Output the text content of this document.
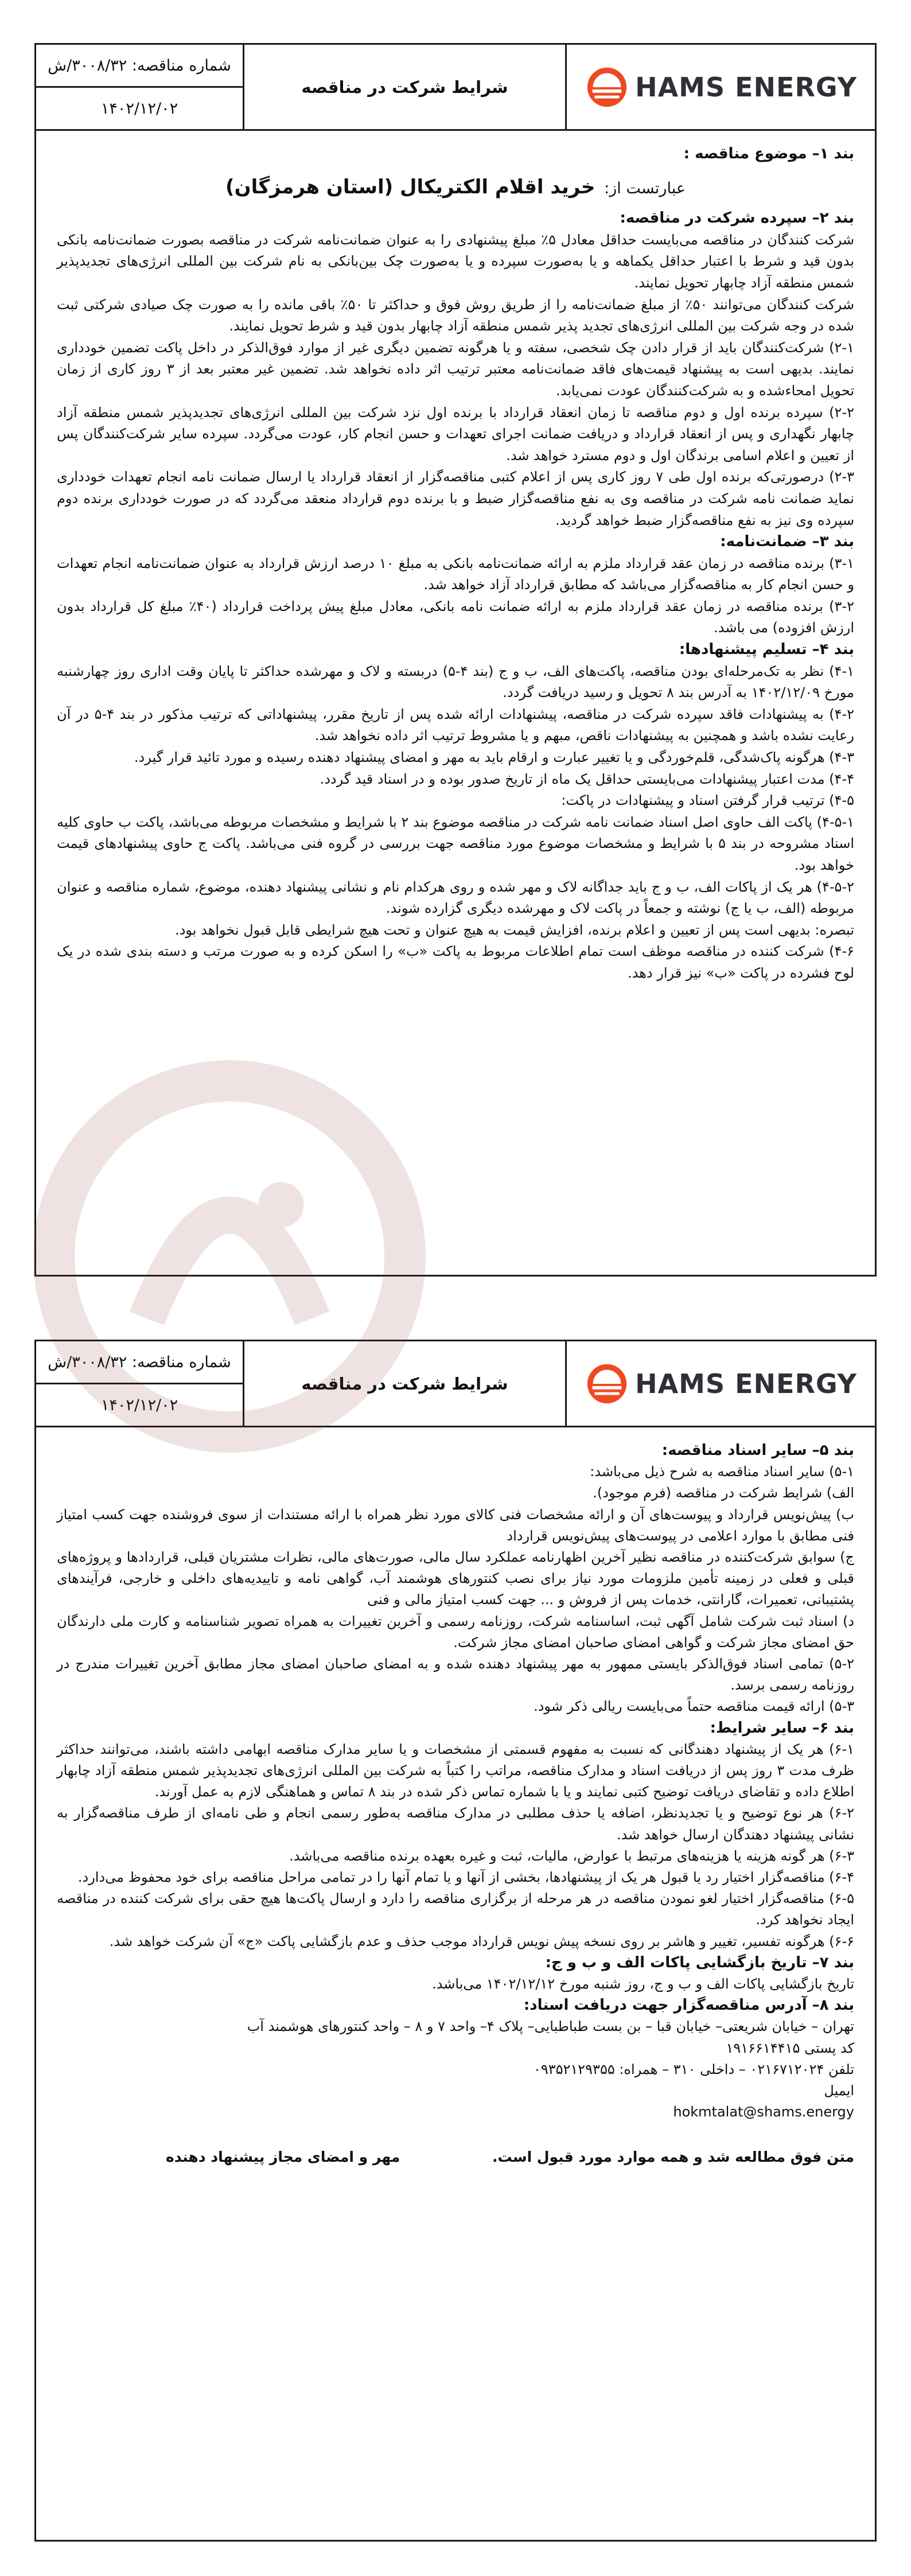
HAMS ENERGY
شرایط شرکت در مناقصه
شماره مناقصه: ۳۰۰۸/۳۲/ش
۱۴۰۲/۱۲/۰۲

بند ۱– موضوع مناقصه :

عبارتست از: خرید اقلام الکتریکال (استان هرمزگان)

بند ۲– سپرده شرکت در مناقصه:

شرکت کنندگان در مناقصه می‌بایست حداقل معادل ۵٪ مبلغ پیشنهادی را به عنوان ضمانت‌نامه شرکت در مناقصه بصورت ضمانت‌نامه بانکی بدون قید و شرط با اعتبار حداقل یکماهه و یا به‌صورت سپرده و یا به‌صورت چک بین‌بانکی به نام شرکت بین المللی انرژی‌های تجدیدپذیر شمس منطقه آزاد چابهار تحویل نمایند.

شرکت کنندگان می‌توانند ۵۰٪ از مبلغ ضمانت‌نامه را از طریق روش فوق و حداکثر تا ۵۰٪ باقی مانده را به صورت چک صیادی شرکتی ثبت شده در وجه شرکت بین المللی انرژی‌های تجدید پذیر شمس منطقه آزاد چابهار بدون قید و شرط تحویل نمایند.

۲-۱) شرکت‌کنندگان باید از قرار دادن چک شخصی، سفته و یا هرگونه تضمین دیگری غیر از موارد فوق‌الذکر در داخل پاکت تضمین خودداری نمایند. بدیهی است به پیشنهاد قیمت‌های فاقد ضمانت‌نامه معتبر ترتیب اثر داده نخواهد شد. تضمین غیر معتبر بعد از ۳ روز کاری از زمان تحویل امحاءشده و به شرکت‌کنندگان عودت نمی‌یابد.

۲-۲) سپرده برنده اول و دوم مناقصه تا زمان انعقاد قرارداد با برنده اول نزد شرکت بین المللی انرژی‌های تجدیدپذیر شمس منطقه آزاد چابهار نگهداری و پس از انعقاد قرارداد و دریافت ضمانت اجرای تعهدات و حسن انجام کار، عودت می‌گردد. سپرده سایر شرکت‌کنندگان پس از تعیین و اعلام اسامی برندگان اول و دوم مسترد خواهد شد.

۲-۳) درصورتی‌که برنده اول طی ۷ روز کاری پس از اعلام کتبی مناقصه‌گزار از انعقاد قرارداد یا ارسال ضمانت نامه انجام تعهدات خودداری نماید ضمانت نامه شرکت در مناقصه وی به نفع مناقصه‌گزار ضبط و با برنده دوم قرارداد منعقد می‌گردد که در صورت خودداری برنده دوم سپرده وی نیز به نفع مناقصه‌گزار ضبط خواهد گردید.

بند ۳– ضمانت‌نامه:

۳-۱) برنده مناقصه در زمان عقد قرارداد ملزم به ارائه ضمانت‌نامه بانکی به مبلغ ۱۰ درصد ارزش قرارداد به عنوان ضمانت‌نامه انجام تعهدات و حسن انجام کار به مناقصه‌گزار می‌باشد که مطابق قرارداد آزاد خواهد شد.

۳-۲) برنده مناقصه در زمان عقد قرارداد ملزم به ارائه ضمانت نامه بانکی، معادل مبلغ پیش پرداخت قرارداد (۴۰٪ مبلغ کل قرارداد بدون ارزش افزوده) می باشد.

بند ۴– تسلیم پیشنهادها:

۴-۱) نظر به تک‌مرحله‌ای بودن مناقصه، پاکت‌های الف، ب و ج (بند ۴-۵) دربسته و لاک و مهرشده حداکثر تا پایان وقت اداری روز چهارشنبه مورخ ۱۴۰۲/۱۲/۰۹ به آدرس بند ۸ تحویل و رسید دریافت گردد.

۴-۲) به پیشنهادات فاقد سپرده شرکت در مناقصه، پیشنهادات ارائه شده پس از تاریخ مقرر، پیشنهاداتی که ترتیب مذکور در بند ۴-۵ در آن رعایت نشده باشد و همچنین به پیشنهادات ناقص، مبهم و یا مشروط ترتیب اثر داده نخواهد شد.

۴-۳) هرگونه پاک‌شدگی، قلم‌خوردگی و یا تغییر عبارت و ارقام باید به مهر و امضای پیشنهاد دهنده رسیده و مورد تائید قرار گیرد.

۴-۴) مدت اعتبار پیشنهادات می‌بایستی حداقل یک ماه از تاریخ صدور بوده و در اسناد قید گردد.

۴-۵) ترتیب قرار گرفتن اسناد و پیشنهادات در پاکت:

۴-۵-۱) پاکت الف حاوی اصل اسناد ضمانت نامه شرکت در مناقصه موضوع بند ۲ با شرایط و مشخصات مربوطه می‌باشد، پاکت ب حاوی کلیه اسناد مشروحه در بند ۵ با شرایط و مشخصات موضوع مورد مناقصه جهت بررسی در گروه فنی می‌باشد. پاکت ج حاوی پیشنهادهای قیمت خواهد بود.

۴-۵-۲) هر یک از پاکات الف، ب و ج باید جداگانه لاک و مهر شده و روی هرکدام نام و نشانی پیشنهاد دهنده، موضوع، شماره مناقصه و عنوان مربوطه (الف، ب یا ج) نوشته و جمعاً در پاکت لاک و مهرشده دیگری گزارده شوند.

تبصره: بدیهی است پس از تعیین و اعلام برنده، افزایش قیمت به هیچ عنوان و تحت هیچ شرایطی قابل قبول نخواهد بود.

۴-۶) شرکت کننده در مناقصه موظف است تمام اطلاعات مربوط به پاکت «ب» را اسکن کرده و به صورت مرتب و دسته بندی شده در یک لوح فشرده در پاکت «ب» نیز قرار دهد.

HAMS ENERGY
شرایط شرکت در مناقصه
شماره مناقصه: ۳۰۰۸/۳۲/ش
۱۴۰۲/۱۲/۰۲

بند ۵– سایر اسناد مناقصه:

۵-۱) سایر اسناد مناقصه به شرح ذیل می‌باشد:

الف) شرایط شرکت در مناقصه (فرم موجود).

ب) پیش‌نویس قرارداد و پیوست‌های آن و ارائه مشخصات فنی کالای مورد نظر همراه با ارائه مستندات از سوی فروشنده جهت کسب امتیاز فنی مطابق با موارد اعلامی در پیوست‌های پیش‌نویس قرارداد

ج) سوابق شرکت‌کننده در مناقصه نظیر آخرین اظهارنامه عملکرد سال مالی، صورت‌های مالی، نظرات مشتریان قبلی، قراردادها و پروژه‌های قبلی و فعلی در زمینه تأمین ملزومات مورد نیاز برای نصب کنتورهای هوشمند آب، گواهی نامه و تاییدیه‌های داخلی و خارجی، فرآیندهای پشتیبانی، تعمیرات، گارانتی، خدمات پس از فروش و ... جهت کسب امتیاز مالی و فنی

د) اسناد ثبت شرکت شامل آگهی ثبت، اساسنامه شرکت، روزنامه رسمی و آخرین تغییرات به همراه تصویر شناسنامه و کارت ملی دارندگان حق امضای مجاز شرکت و گواهی امضای صاحبان امضای مجاز شرکت.

۵-۲) تمامی اسناد فوق‌الذکر بایستی ممهور به مهر پیشنهاد دهنده شده و به امضای صاحبان امضای مجاز مطابق آخرین تغییرات مندرج در روزنامه رسمی برسد.

۵-۳) ارائه قیمت مناقصه حتماً می‌بایست ریالی ذکر شود.

بند ۶– سایر شرایط:

۶-۱) هر یک از پیشنهاد دهندگانی که نسبت به مفهوم قسمتی از مشخصات و یا سایر مدارک مناقصه ابهامی داشته باشند، می‌توانند حداکثر ظرف مدت ۳ روز پس از دریافت اسناد و مدارک مناقصه، مراتب را کتباً به شرکت بین المللی انرژی‌های تجدیدپذیر شمس منطقه آزاد چابهار اطلاع داده و تقاضای دریافت توضیح کتبی نمایند و یا با شماره تماس ذکر شده در بند ۸ تماس و هماهنگی لازم به عمل آورند.

۶-۲) هر نوع توضیح و یا تجدیدنظر، اضافه یا حذف مطلبی در مدارک مناقصه به‌طور رسمی انجام و طی نامه‌ای از طرف مناقصه‌گزار به نشانی پیشنهاد دهندگان ارسال خواهد شد.

۶-۳) هر گونه هزینه یا هزینه‌های مرتبط با عوارض، مالیات، ثبت و غیره بعهده برنده مناقصه می‌باشد.

۶-۴) مناقصه‌گزار اختیار رد یا قبول هر یک از پیشنهادها، بخشی از آنها و یا تمام آنها را در تمامی مراحل مناقصه برای خود محفوظ می‌دارد.

۶-۵) مناقصه‌گزار اختیار لغو نمودن مناقصه در هر مرحله از برگزاری مناقصه را دارد و ارسال پاکت‌ها هیچ حقی برای شرکت کننده در مناقصه ایجاد نخواهد کرد.

۶-۶) هرگونه تفسیر، تغییر و هاشر بر روی نسخه پیش نویس قرارداد موجب حذف و عدم بازگشایی پاکت «ج» آن شرکت خواهد شد.

بند ۷– تاریخ بازگشایی پاکات الف و ب و ج:

تاریخ بازگشایی پاکات الف و ب و ج، روز شنبه مورخ ۱۴۰۲/۱۲/۱۲ می‌باشد.

بند ۸– آدرس مناقصه‌گزار جهت دریافت اسناد:

تهران – خیابان شریعتی– خیابان قبا – بن بست طباطبایی– پلاک ۴– واحد ۷ و ۸ – واحد کنتورهای هوشمند آب

کد پستی ۱۹۱۶۶۱۴۴۱۵

تلفن ۰۲۱۶۷۱۲۰۲۴ – داخلی ۳۱۰ – همراه: ۰۹۳۵۲۱۲۹۳۵۵

ایمیل

hokmtalat@shams.energy

متن فوق مطالعه شد و همه موارد مورد قبول است.
مهر و امضای مجاز پیشنهاد دهنده
